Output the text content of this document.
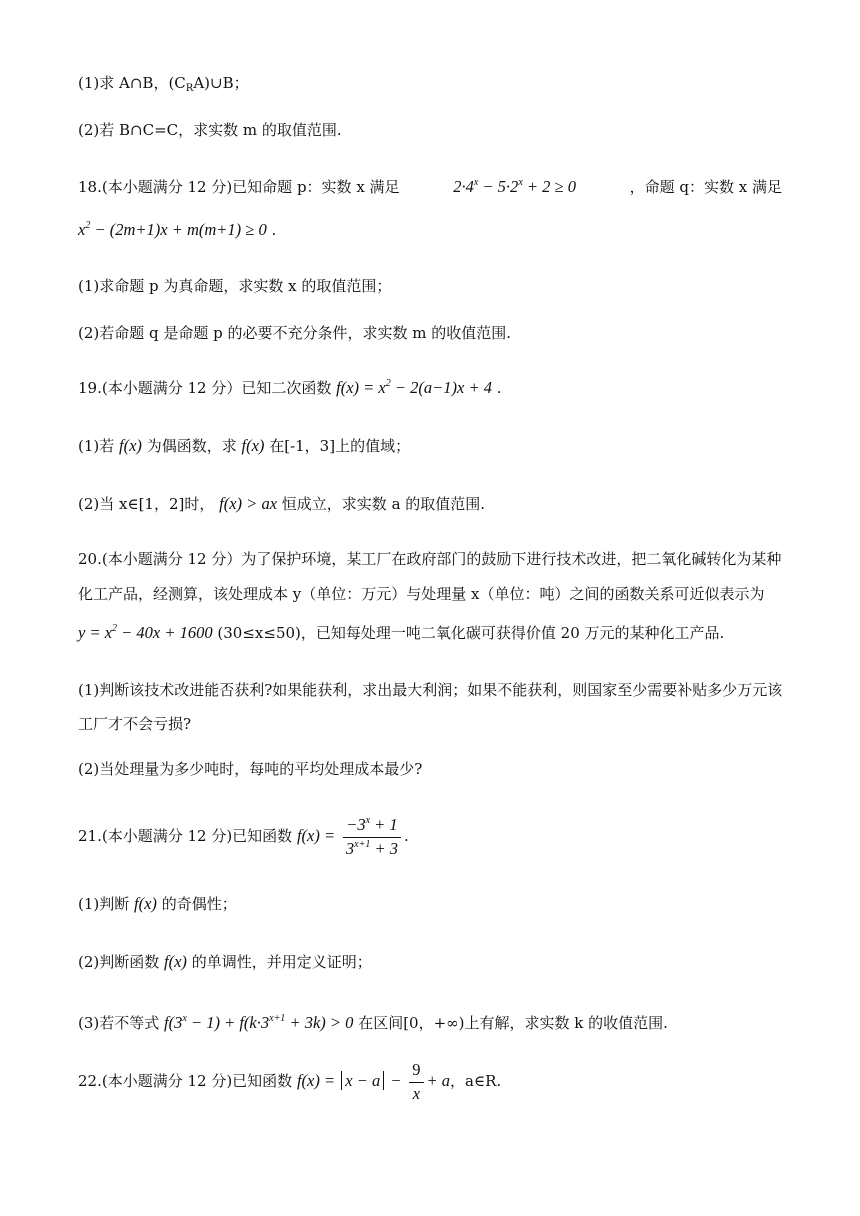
(1)求 A∩B，$(C_RA)\cup B$；
(2)若 B∩C=C，求实数 m 的取值范围.
18.(本小题满分 12 分)已知命题 p：实数 x 满足	$2\cdot 4^x - 5\cdot 2^x + 2 \ge 0$	，命题 q：实数 x 满足
$x^2 - (2m+1)x + m(m+1) \ge 0$ .
(1)求命题 p 为真命题，求实数 x 的取值范围；
(2)若命题 q 是命题 p 的必要不充分条件，求实数 m 的收值范围.
19.(本小题满分 12 分）已知二次函数 $f(x) = x^2 - 2(a-1)x + 4$ .
(1)若 f(x) 为偶函数，求 f(x) 在[-1，3]上的值域；
(2)当 x∈[1，2]时， f(x) > ax 恒成立，求实数 a 的取值范围.
20.(本小题满分 12 分）为了保护环境，某工厂在政府部门的鼓励下进行技术改进，把二氧化碱转化为某种
化工产品，经测算，该处理成本 y（单位：万元）与处理量 x（单位：吨）之间的函数关系可近似表示为
$y = x^2 - 40x + 1600$ (30≤x≤50)，已知每处理一吨二氧化碳可获得价值 20 万元的某种化工产品.
(1)判断该技术改进能否获利?如果能获利，求出最大利润；如果不能获利，则国家至少需要补贴多少万元该
工厂才不会亏损?
(2)当处理量为多少吨时，每吨的平均处理成本最少?
21.(本小题满分 12 分)已知函数 $f(x) = \frac{-3^x + 1}{3^{x+1} + 3}$ .
(1)判断 f(x) 的奇偶性；
(2)判断函数 f(x) 的单调性，并用定义证明；
(3)若不等式 $f(3^x - 1) + f(k\cdot 3^{x+1} + 3k) > 0$ 在区间[0，+∞)上有解，求实数 k 的收值范围.
22.(本小题满分 12 分)已知函数 $f(x) = x - a - \frac{9}{x} + a$，a∈R.
